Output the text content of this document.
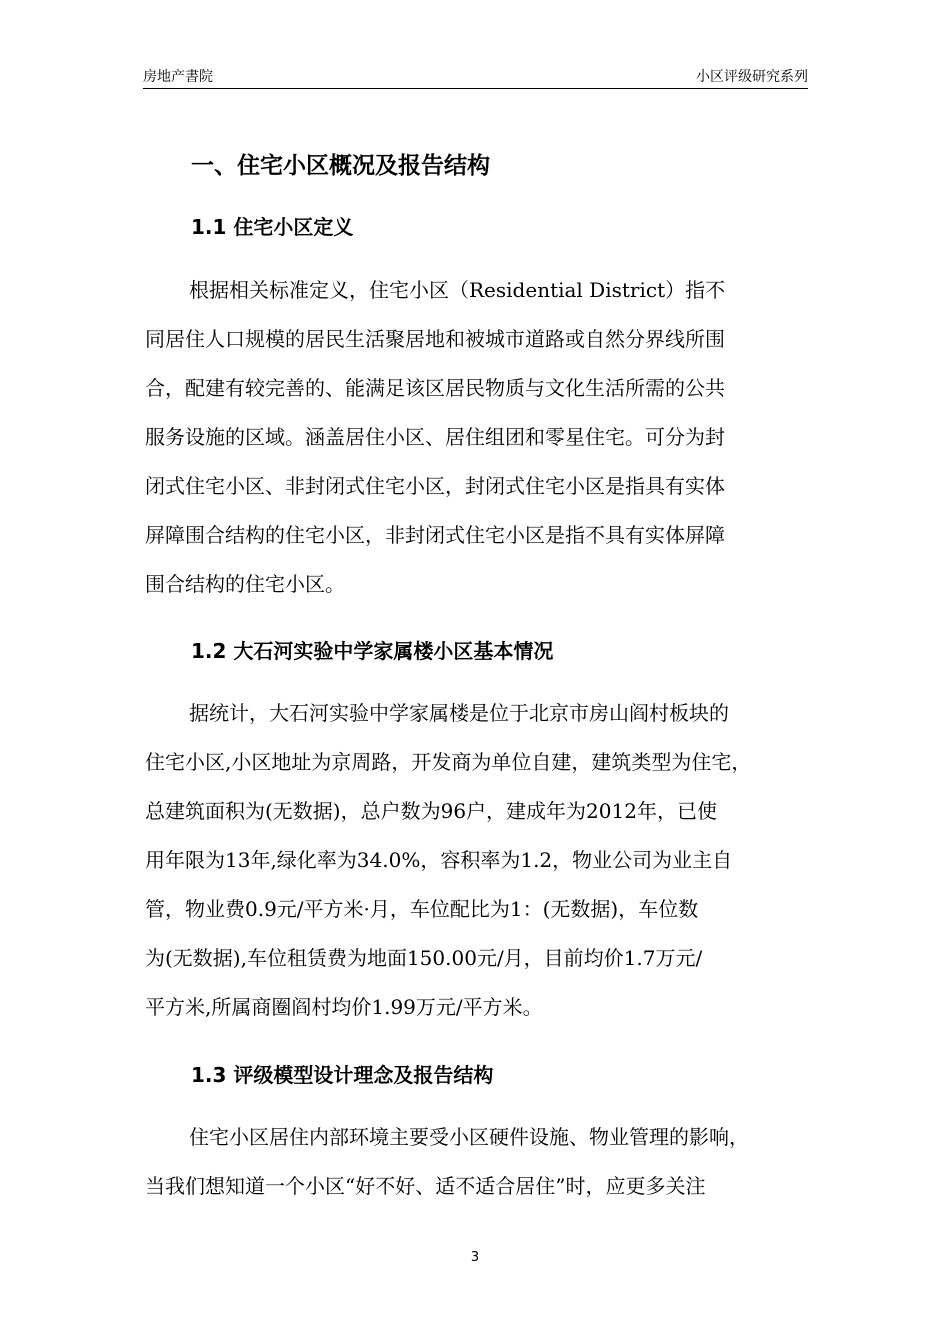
房地产書院	小区评级研究系列
一、住宅小区概况及报告结构
1.1 住宅小区定义
根据相关标准定义，住宅小区（Residential District）指不
同居住人口规模的居民生活聚居地和被城市道路或自然分界线所围
合，配建有较完善的、能满足该区居民物质与文化生活所需的公共
服务设施的区域。涵盖居住小区、居住组团和零星住宅。可分为封
闭式住宅小区、非封闭式住宅小区，封闭式住宅小区是指具有实体
屏障围合结构的住宅小区，非封闭式住宅小区是指不具有实体屏障
围合结构的住宅小区。
1.2 大石河实验中学家属楼小区基本情况
据统计，大石河实验中学家属楼是位于北京市房山阎村板块的
住宅小区,小区地址为京周路，开发商为单位自建，建筑类型为住宅，
总建筑面积为(无数据)，总户数为96户，建成年为2012年，已使
用年限为13年,绿化率为34.0%，容积率为1.2，物业公司为业主自
管，物业费0.9元/平方米·月，车位配比为1：(无数据)，车位数
为(无数据),车位租赁费为地面150.00元/月，目前均价1.7万元/
平方米,所属商圈阎村均价1.99万元/平方米。
1.3 评级模型设计理念及报告结构
住宅小区居住内部环境主要受小区硬件设施、物业管理的影响，
当我们想知道一个小区“好不好、适不适合居住”时，应更多关注
3
